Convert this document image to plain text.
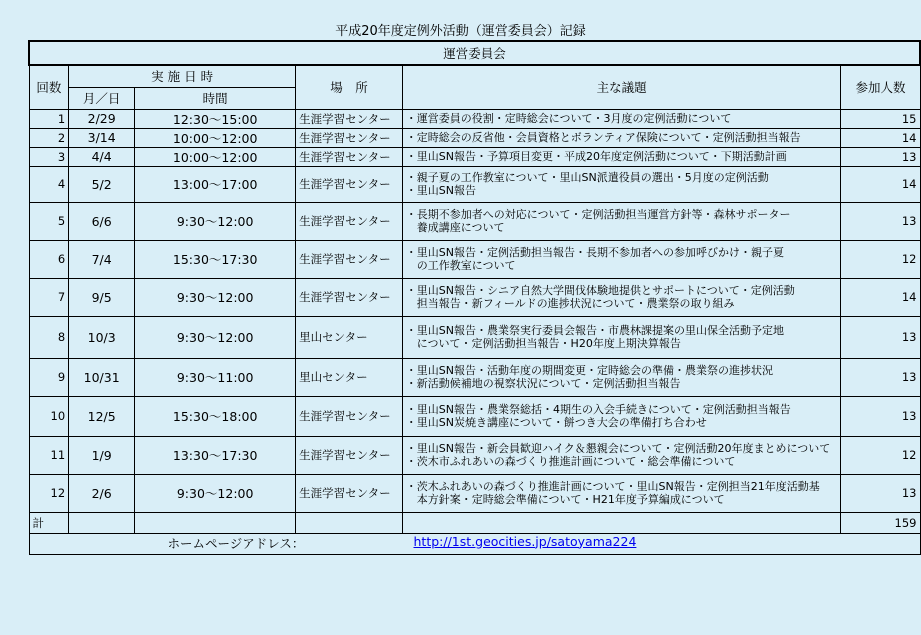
平成20年度定例外活動（運営委員会）記録
運営委員会					
回数	実 施 日 時		場　所	主な議題	参加人数
	月／日	時間			
1	2/29	12:30～15:00	生涯学習センター	・運営委員の役割・定時総会について・3月度の定例活動について	15
2	3/14	10:00～12:00	生涯学習センター	・定時総会の反省他・会員資格とボランティア保険について・定例活動担当報告	14
3	4/4	10:00～12:00	生涯学習センター	・里山SN報告・予算項目変更・平成20年度定例活動について・下期活動計画	13
4	5/2	13:00～17:00	生涯学習センター	・親子夏の工作教室について・里山SN派遣役員の選出・5月度の定例活動
・里山SN報告	14
5	6/6	9:30～12:00	生涯学習センター	・長期不参加者への対応について・定例活動担当運営方針等・森林サポーター
　養成講座について	13
6	7/4	15:30～17:30	生涯学習センター	・里山SN報告・定例活動担当報告・長期不参加者への参加呼びかけ・親子夏
　の工作教室について	12
7	9/5	9:30～12:00	生涯学習センター	・里山SN報告・シニア自然大学間伐体験地提供とサポートについて・定例活動
　担当報告・新フィールドの進捗状況について・農業祭の取り組み	14
8	10/3	9:30～12:00	里山センター	・里山SN報告・農業祭実行委員会報告・市農林課提案の里山保全活動予定地
　について・定例活動担当報告・H20年度上期決算報告	13
9	10/31	9:30～11:00	里山センター	・里山SN報告・活動年度の期間変更・定時総会の準備・農業祭の進捗状況
・新活動候補地の視察状況について・定例活動担当報告	13
10	12/5	15:30～18:00	生涯学習センター	・里山SN報告・農業祭総括・4期生の入会手続きについて・定例活動担当報告
・里山SN炭焼き講座について・餅つき大会の準備打ち合わせ	13
11	1/9	13:30～17:30	生涯学習センター	・里山SN報告・新会員歓迎ハイク＆懇親会について・定例活動20年度まとめについて
・茨木市ふれあいの森づくり推進計画について・総会準備について	12
12	2/6	9:30～12:00	生涯学習センター	・茨木ふれあいの森づくり推進計画について・里山SN報告・定例担当21年度活動基
　本方針案・定時総会準備について・H21年度予算編成について	13
計					159

ホームページアドレス： http://1st.geocities.jp/satoyama224					
